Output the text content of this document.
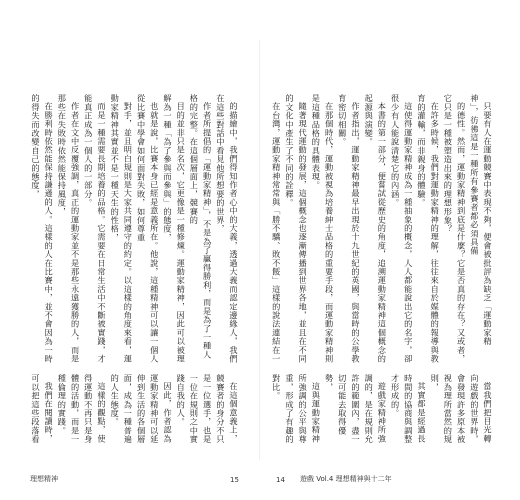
的描繪中，我們得知作者心中的大義，透過大義而認定邊緣人，我們在這些對話中看見他所想要的世界，

作者所提倡的「運動家精神」，不是為了贏得勝利，而是為了一種人格的完整。在這個層面上，競賽的

目的並非只是名次，它更像是一種修煉。運動家精神，因此可以被理解為一種「為了參與而參與」的態度，

也就是說，比賽本身已經是意義所在。他說，這種精神可以讓一個人從比賽中學會如何面對失敗，如何尊重

對手，並且明白規則是大家共同遵守的約定。以這樣的角度來看，運動家精神其實並不是一種天生的性格，

而是一種需要長期培養的品格。它需要在日常生活中不斷被實踐，才能真正成為一個人的一部分。

作者在文中反覆強調，真正的運動家並不是那些永遠獲勝的人，而是那些在失敗時依然能保持風度，

在勝利時依然能保持謙遜的人。這樣的人在比賽中，並不會因為一時的得失而改變自己的態度，

在這個意義上，競賽者的身分不只是一位選手，也是一位在規則之中實踐自我的人。

因此，作者認為運動家精神可以延伸到生活的各個層面，成為一種普遍的人生態度。

這樣的觀點，使得運動不再只是身體的活動，而是一種倫理的實踐。

我們在閱讀時，可以把這些段落看

理想精神	15

只要有人在運動競賽中表現不夠，便會被批評為缺乏「運動家精神」，彷彿這是一種所有參賽者都必須具備

的德性。然而，運動家精神到底是什麼？它是否真的存在？又或者，它只是一種被塑造出來的理想形象？

在許多時候，我們對運動家精神的理解，往往來自於媒體的報導與教育的灌輸，而非親身的體驗。

這使得運動家精神成為一種抽象的概念，人人都能說出它的名字，卻很少有人能說清楚它的內涵。

本書的第一部分，便嘗試從歷史的角度，追溯運動家精神這個概念的起源與演變。

作者指出，運動家精神最早出現於十九世紀的英國，與當時的公學教育密切相關。

在那個時代，運動被視為培養紳士品格的重要手段，而運動家精神則是這種品格的具體表現。

隨著現代運動的發展，這個概念也逐漸傳播到世界各地，並且在不同的文化中產生了不同的詮釋。

在台灣，運動家精神常常與「勝不驕、敗不餒」這樣的說法連結在一

當我們把目光轉向遊戲的世界時，會發現許多原本被視為理所當然的規則，

其實都是經過長時間的協商與調整才形成的。

遊戲家精神所強調的，是在規則允許的範圍內，盡一切可能去取得優勢，

這與運動家精神所強調的公平與尊重，形成了有趣的對比。

14 遊戲 Vol.4 理想精神與十二年
